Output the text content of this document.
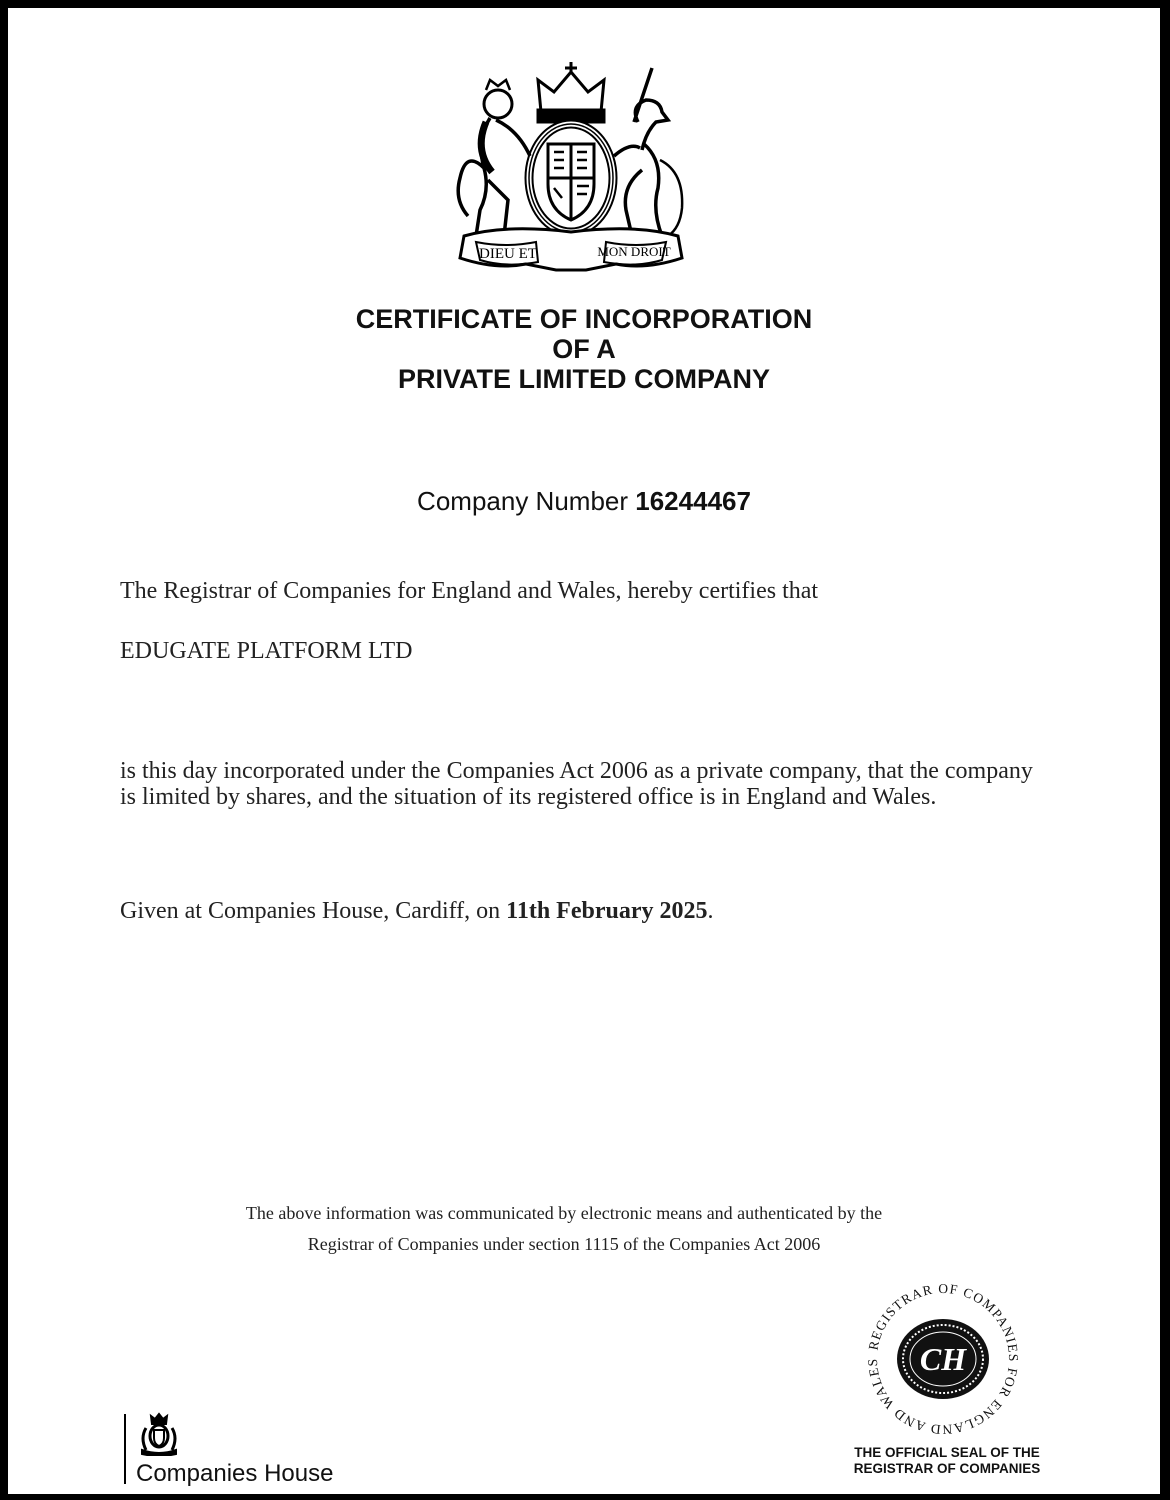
DIEU ET	MON DROIT
CERTIFICATE OF INCORPORATION
OF A
PRIVATE LIMITED COMPANY
Company Number 16244467
The Registrar of Companies for England and Wales, hereby certifies that
EDUGATE PLATFORM LTD
is this day incorporated under the Companies Act 2006 as a private company, that the company is limited by shares, and the situation of its registered office is in England and Wales.
Given at Companies House, Cardiff, on 11th February 2025.
The above information was communicated by electronic means and authenticated by the
Registrar of Companies under section 1115 of the Companies Act 2006
Companies House
REGISTRAR OF COMPANIES FOR ENGLAND AND WALES	CH
THE OFFICIAL SEAL OF THE
REGISTRAR OF COMPANIES
